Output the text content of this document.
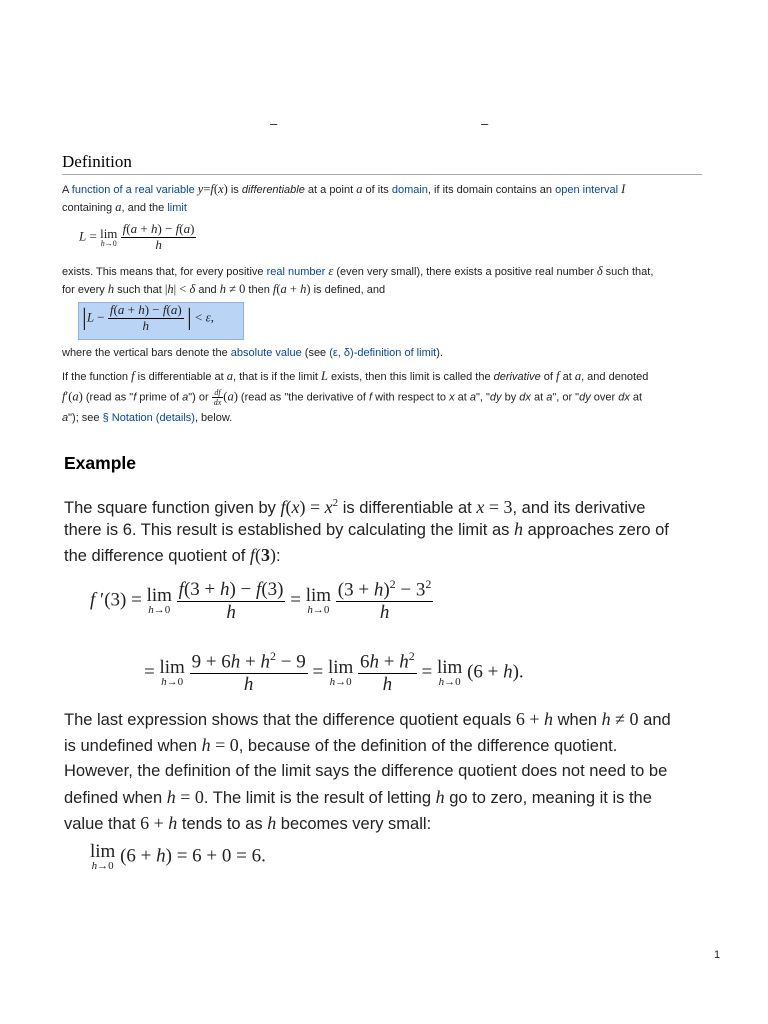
–	–
Definition
A function of a real variable y=f(x) is differentiable at a point a of its domain, if its domain contains an open interval I
containing a, and the limit
L = lim
h→0
$\frac{f(a + h) - f(a)}{h}$
exists. This means that, for every positive real number ε (even very small), there exists a positive real number δ such that,
for every h such that |h| < δ and h ≠ 0 then f(a + h) is defined, and
$|L - \frac{f(a + h) - f(a)}{h}$ | < ε,
where the vertical bars denote the absolute value (see (ε, δ)-definition of limit).
If the function f is differentiable at a, that is if the limit L exists, then this limit is called the derivative of f at a, and denoted
f′(a) (read as "f prime of a") or $\frac{df}{dx} (a)$ (read as "the derivative of f with respect to x at a", "dy by dx at a", or "dy over dx at
a"); see § Notation (details), below.
Example
The square function given by $f(x) = x^2$ is differentiable at x = 3, and its derivative
there is 6. This result is established by calculating the limit as h approaches zero of
the difference quotient of f(3):
f ′(3) = lim
h→0
$\frac{f(3 + h) - f(3)}{h} = \lim$
h→0
$\frac{(3 + h)^2 - 3^2}{h}$
= lim
h→0
$\frac{9 + 6h + h^2 - 9}{h} = \lim$
h→0
$\frac{6h + h^2}{h} = \lim$
h→0 (6 + h).
The last expression shows that the difference quotient equals 6 + h when h ≠ 0 and
is undefined when h = 0, because of the definition of the difference quotient.
However, the definition of the limit says the difference quotient does not need to be
defined when h = 0. The limit is the result of letting h go to zero, meaning it is the
value that 6 + h tends to as h becomes very small:
lim
h→0 (6 + h) = 6 + 0 = 6.
1
